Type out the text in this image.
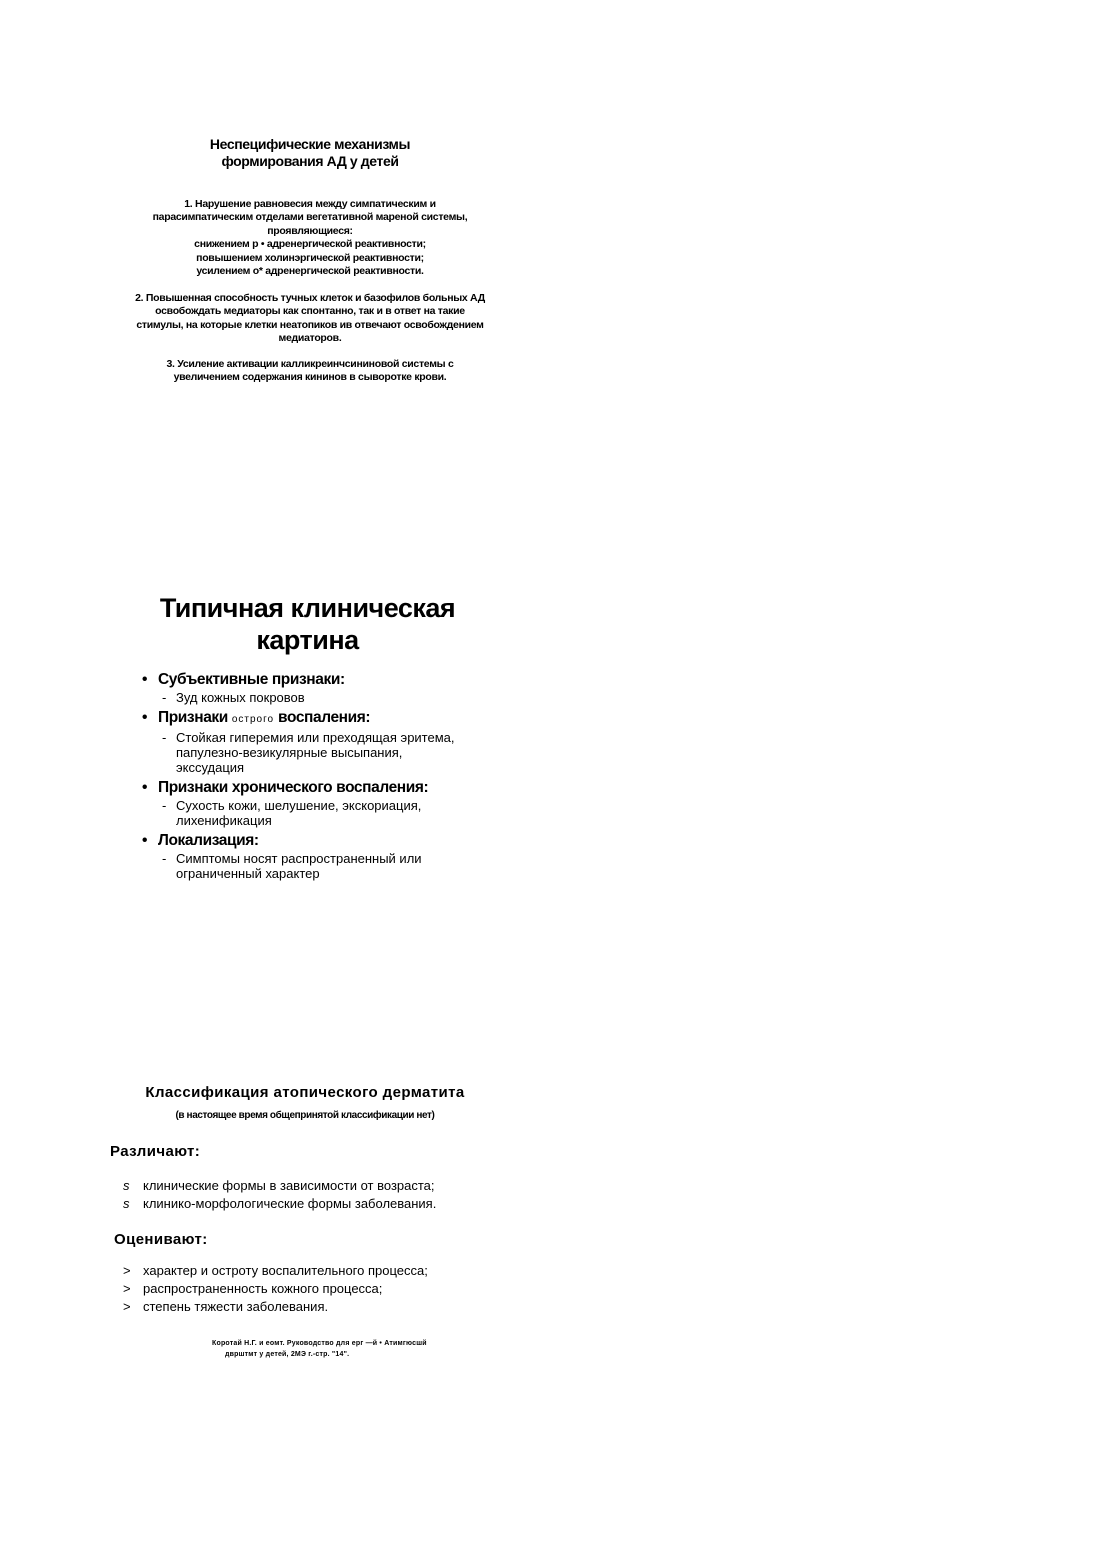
Неспецифические механизмы
формирования АД у детей
1. Нарушение равновесия между симпатическим и
парасимпатическим отделами вегетативной мареной системы,
проявляющиеся:
снижением р • адренергической реактивности;
повышением холинэргической реактивности;
усилением о* адренергической реактивности.
2. Повышенная способность тучных клеток и базофилов больных АД
освобождать медиаторы как спонтанно, так и в ответ на такие
стимулы, на которые клетки неатопиков ив отвечают освобождением
медиаторов.
3. Усиление активации калликреинчсининовой системы с
увеличением содержания кининов в сыворотке крови.
Типичная клиническая
картина
• Субъективные признаки:
- Зуд кожных покровов
• Признаки острого воспаления:
- Стойкая гиперемия или преходящая эритема,
папулезно-везикулярные высыпания,
экссудация
• Признаки хронического воспаления:
- Сухость кожи, шелушение, экскориация,
лихенификация
• Локализация:
- Симптомы носят распространенный или
ограниченный характер
Классификация атопического дерматита
(в настоящее время общепринятой классификации нет)
Различают:
s клинические формы в зависимости от возраста;
s клинико-морфологические формы заболевания.
Оценивают:
> характер и остроту воспалительного процесса;
> распространенность кожного процесса;
> степень тяжести заболевания.
Коротай Н.Г. и еомт. Руководство для ерг —й • Атимгюсшй
дврштмт у детей, 2МЭ г.-стр. "14".
